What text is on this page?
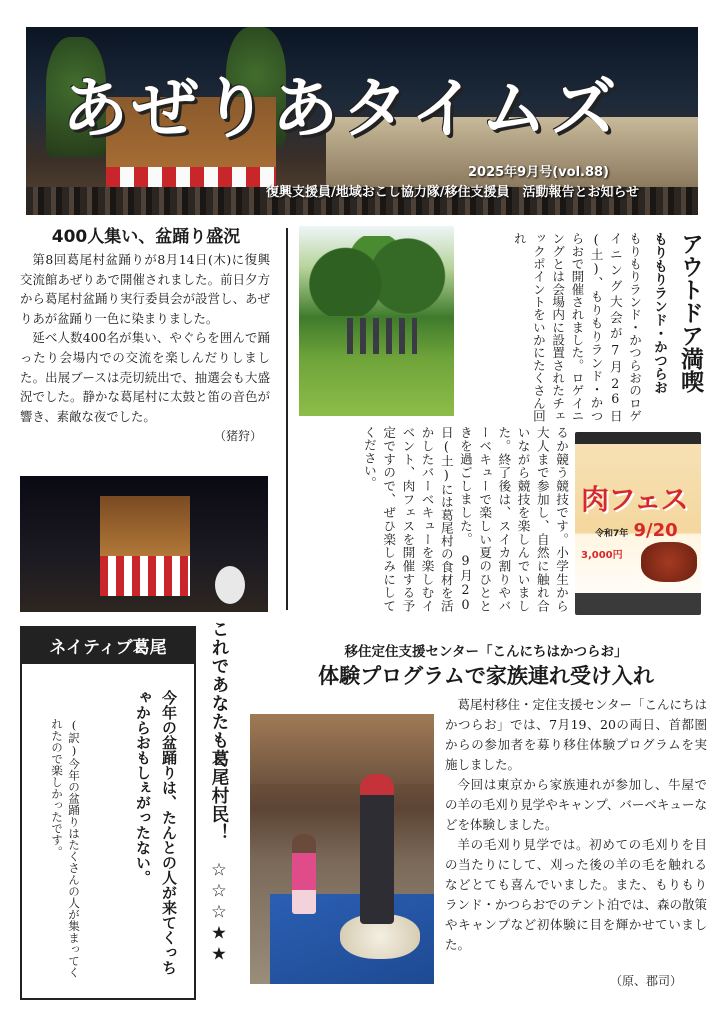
あぜりあタイムズ
2025年9月号(vol.88)
復興支援員/地域おこし協力隊/移住支援員　活動報告とお知らせ
400人集い、盆踊り盛況

第8回葛尾村盆踊りが8月14日(木)に復興交流館あぜりあで開催されました。前日夕方から葛尾村盆踊り実行委員会が設営し、あぜりあが盆踊り一色に染まりました。

延べ人数400名が集い、やぐらを囲んで踊ったり会場内での交流を楽しんだりしました。出展ブースは売切続出で、抽選会も大盛況でした。静かな葛尾村に太鼓と笛の音色が響き、素敵な夜でした。

（猪狩）
アウトドア満喫
もりもりランド・かつらお
もりもりランド・かつらおのロゲイニング大会が7月26日(土)、もりもりランド・かつらおで開催されました。ロゲイニングとは会場内に設置されたチェックポイントをいかにたくさん回れ
るか競う競技です。小学生から大人まで参加し、自然に触れ合いながら競技を楽しんでいました。終了後は、スイカ割りやバーベキューで楽しい夏のひとときを過ごしました。　9月20日(土)には葛尾村の食材を活かしたバーベキューを楽しむイベント、肉フェスを開催する予定ですので、ぜひ楽しみにしてください。
肉フェス
令和7年 9/20
3,000円
ネイティブ葛尾
今年の盆踊りは、たんとの人が来てくっちゃからおもしぇがったない。
(訳)今年の盆踊りはたくさんの人が集まってくれたので楽しかったです。	これであなたも葛尾村民！　☆☆☆★★	移住定住支援センター「こんにちはかつらお」
体験プログラムで家族連れ受け入れ

葛尾村移住・定住支援センター「こんにちはかつらお」では、7月19、20の両日、首都圏からの参加者を募り移住体験プログラムを実施しました。

今回は東京から家族連れが参加し、牛屋での羊の毛刈り見学やキャンプ、バーベキューなどを体験しました。

羊の毛刈り見学では。初めての毛刈りを目の当たりにして、刈った後の羊の毛を触れるなどとても喜んでいました。また、もりもりランド・かつらおでのテント泊では、森の散策やキャンプなど初体験に目を輝かせていました。

（原、郡司）
